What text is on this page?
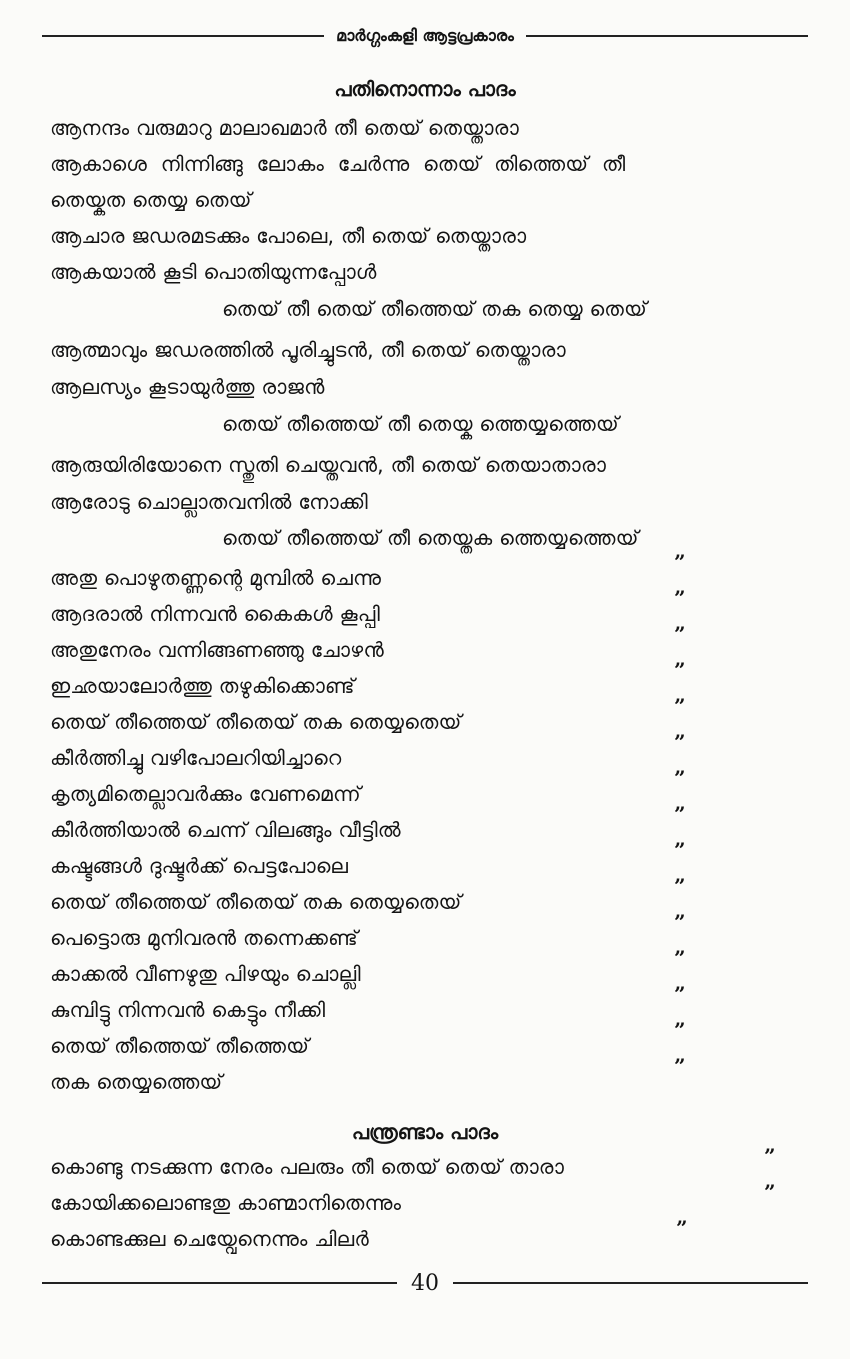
മാർഗ്ഗംകളി ആട്ടപ്രകാരം
പതിനൊന്നാം പാദം
ആനന്ദം വരുമാറു മാലാഖമാർ തീ തെയ് തെയ്താരാ
ആകാശെ നിന്നിങ്ങു ലോകം ചേർന്നു തെയ് തിത്തെയ് തീ
തെയ്കത തെയ്യ തെയ്
ആചാര ജഡരമടക്കും പോലെ, തീ തെയ് തെയ്താരാ
ആകയാൽ കൂടി പൊതിയുന്നപ്പോൾ
തെയ് തീ തെയ് തീത്തെയ് തക തെയ്യ തെയ്
ആത്മാവും ജഡരത്തിൽ പൂരിച്ചുടൻ, തീ തെയ് തെയ്താരാ
ആലസ്യം കൂടായുർത്തു രാജൻ
തെയ് തീത്തെയ് തീ തെയ്ക ത്തെയ്യത്തെയ്
ആരുയിരിയോനെ സ്തുതി ചെയ്തവൻ, തീ തെയ് തെയാതാരാ
ആരോടു ചൊല്ലാതവനിൽ നോക്കി
തെയ് തീത്തെയ് തീ തെയ്തക ത്തെയ്യത്തെയ്
അതു പൊഴുതണ്ണന്റെ മുമ്പിൽ ചെന്നു
ആദരാൽ നിന്നവൻ കൈകൾ കൂപ്പി
അതുനേരം വന്നിങ്ങണഞ്ഞു ചോഴൻ
ഇഛയാലോർത്തു തഴുകിക്കൊണ്ട്
തെയ് തീത്തെയ് തീതെയ് തക തെയ്യതെയ്
കീർത്തിച്ചു വഴിപോലറിയിച്ചാറെ
കൃത്യമിതെല്ലാവർക്കും വേണമെന്ന്
കീർത്തിയാൽ ചെന്ന് വിലങ്ങും വീട്ടിൽ
കഷ്ടങ്ങൾ ദുഷ്ടർക്ക് പെട്ടപോലെ
തെയ് തീത്തെയ് തീതെയ് തക തെയ്യതെയ്
പെട്ടൊരു മുനിവരൻ തന്നെക്കണ്ട്
കാക്കൽ വീണഴുതു പിഴയും ചൊല്ലി
കുമ്പിട്ടു നിന്നവൻ കെട്ടും നീക്കി
തെയ് തീത്തെയ് തീത്തെയ്
തക തെയ്യത്തെയ്
”
”
”
”
”
”
”
”
”
”
”
”
”
”
”
പന്ത്രണ്ടാം പാദം
കൊണ്ടു നടക്കുന്ന നേരം പലരും തീ തെയ് തെയ് താരാ
കോയിക്കലൊണ്ടതു കാണ്മാനിതെന്നും
കൊണ്ടക്കുല ചെയ്വേനെന്നും ചിലർ
”
”
”
40
